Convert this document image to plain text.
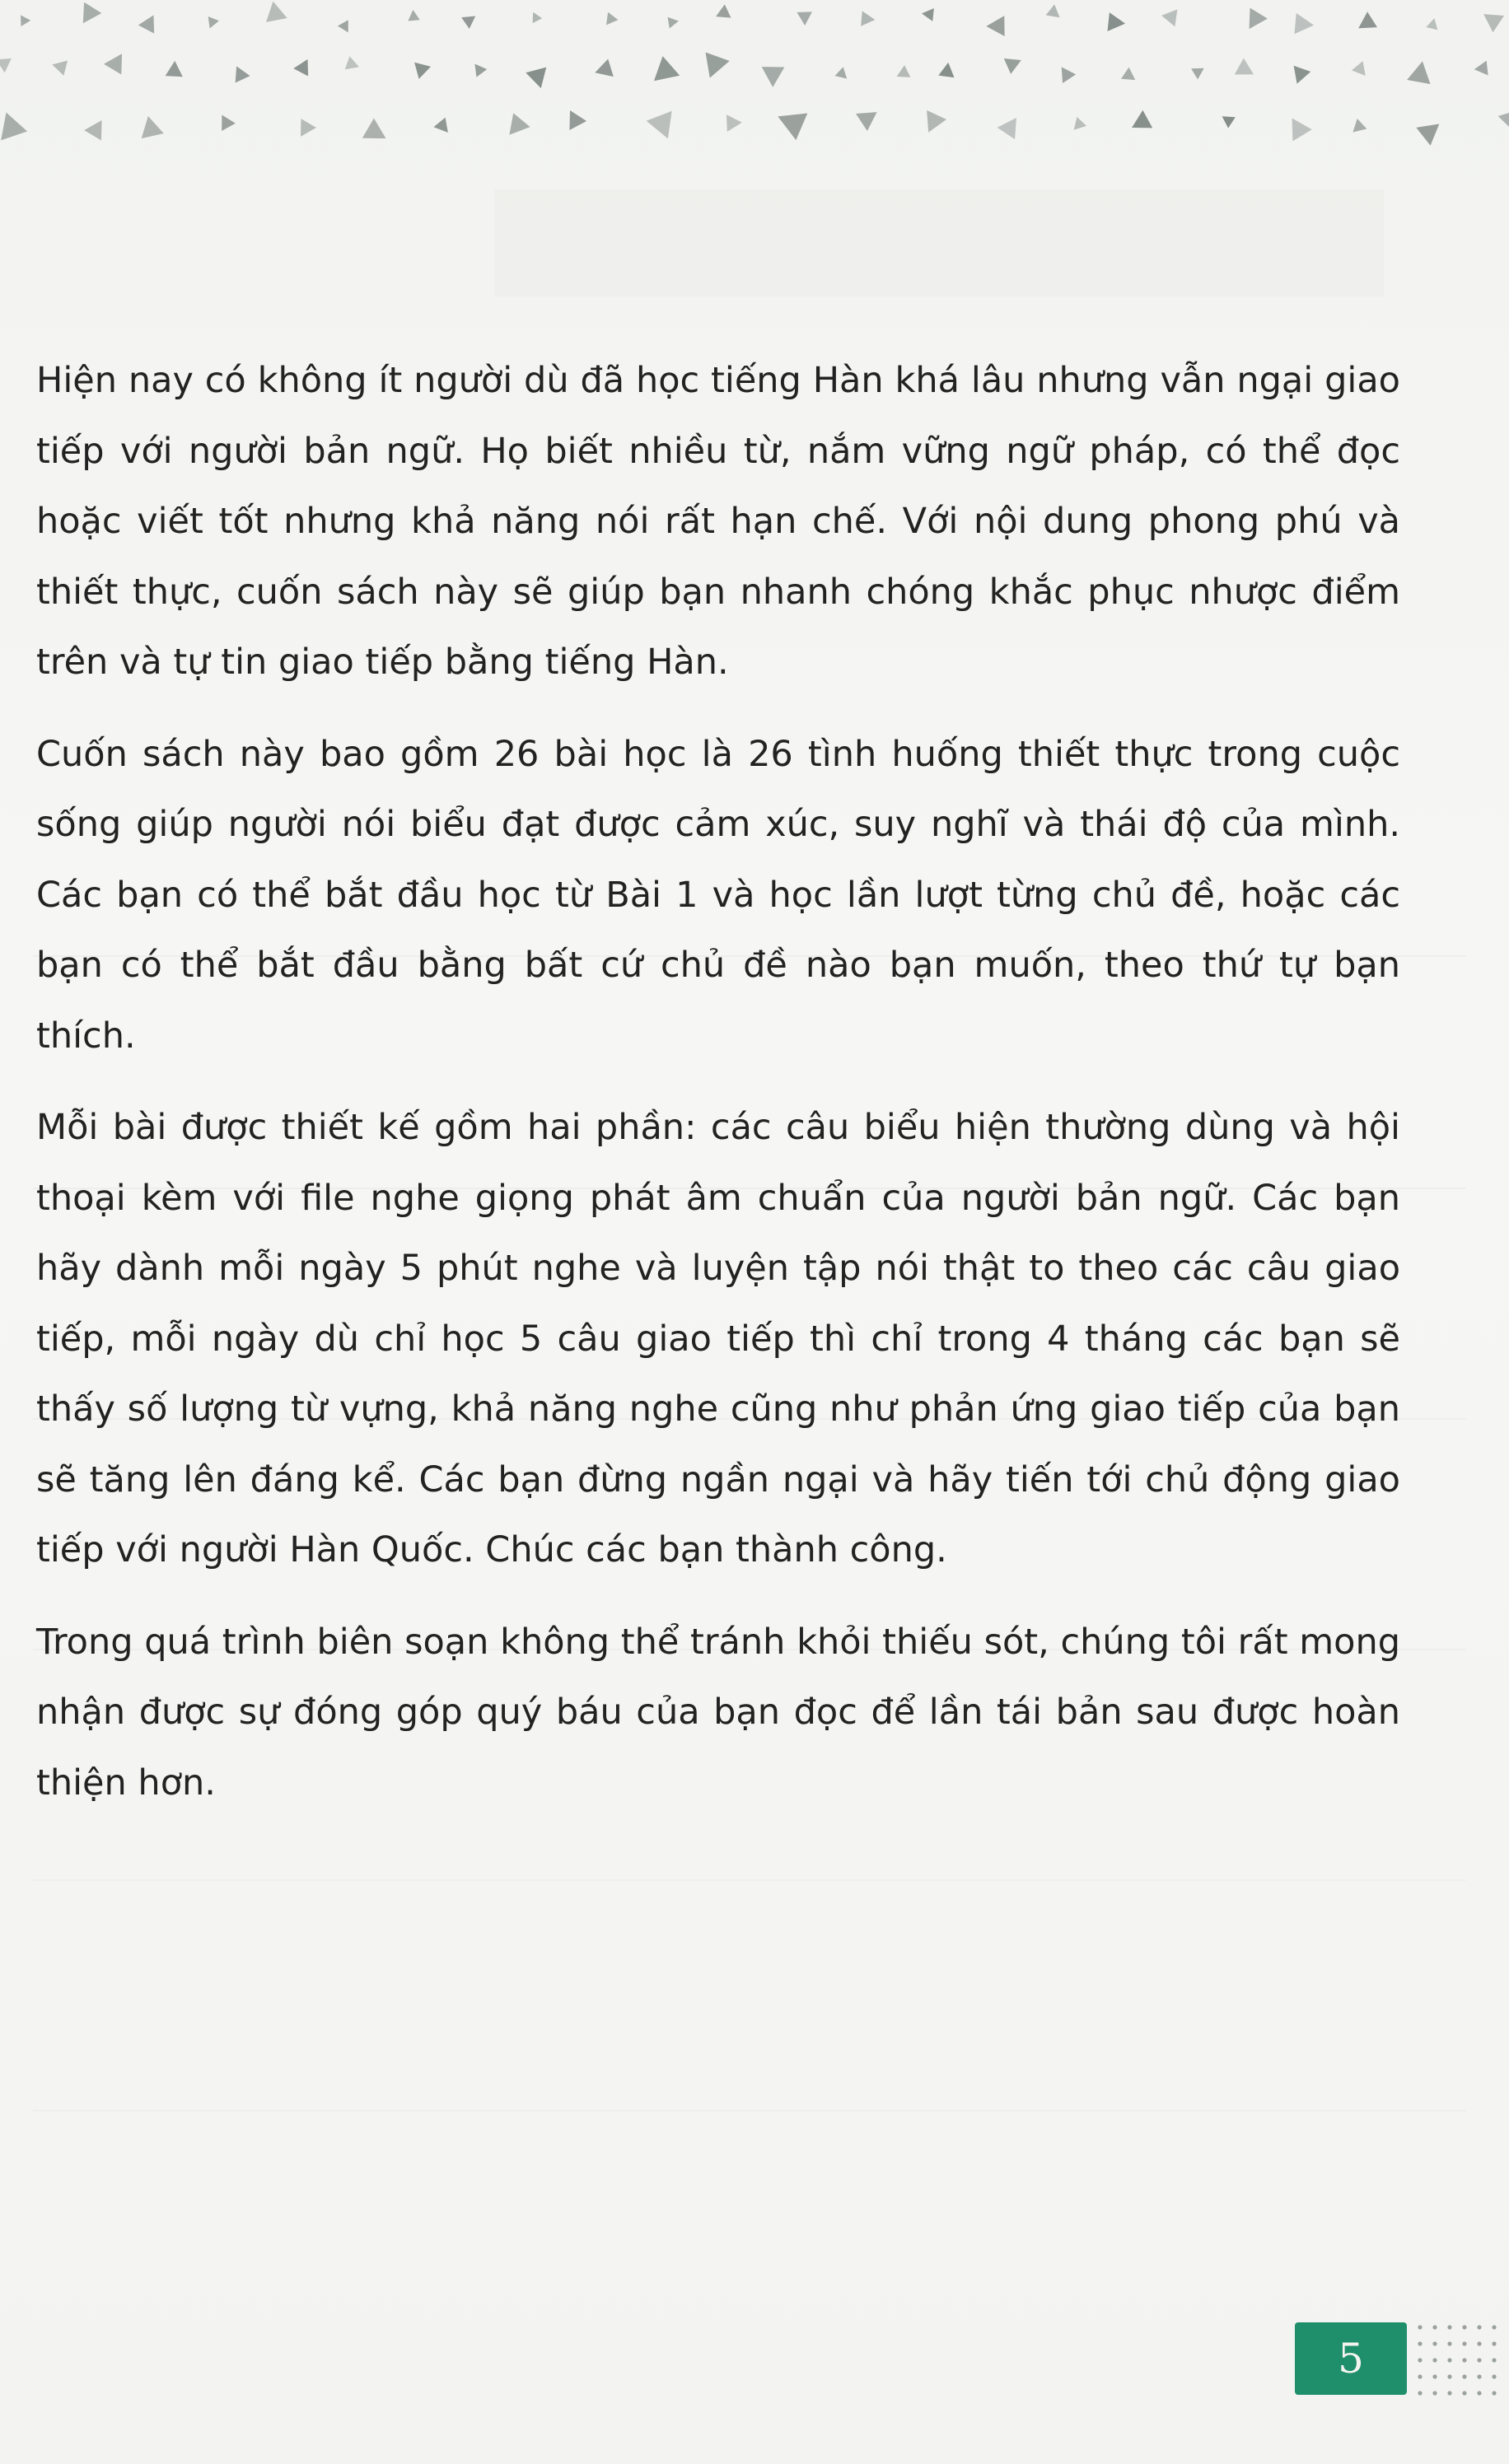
Hiện nay có không ít người dù đã học tiếng Hàn khá lâu nhưng vẫn ngại giao tiếp với người bản ngữ. Họ biết nhiều từ, nắm vững ngữ pháp, có thể đọc hoặc viết tốt nhưng khả năng nói rất hạn chế. Với nội dung phong phú và thiết thực, cuốn sách này sẽ giúp bạn nhanh chóng khắc phục nhược điểm trên và tự tin giao tiếp bằng tiếng Hàn.

Cuốn sách này bao gồm 26 bài học là 26 tình huống thiết thực trong cuộc sống giúp người nói biểu đạt được cảm xúc, suy nghĩ và thái độ của mình. Các bạn có thể bắt đầu học từ Bài 1 và học lần lượt từng chủ đề, hoặc các bạn có thể bắt đầu bằng bất cứ chủ đề nào bạn muốn, theo thứ tự bạn thích.

Mỗi bài được thiết kế gồm hai phần: các câu biểu hiện thường dùng và hội thoại kèm với file nghe giọng phát âm chuẩn của người bản ngữ. Các bạn hãy dành mỗi ngày 5 phút nghe và luyện tập nói thật to theo các câu giao tiếp, mỗi ngày dù chỉ học 5 câu giao tiếp thì chỉ trong 4 tháng các bạn sẽ thấy số lượng từ vựng, khả năng nghe cũng như phản ứng giao tiếp của bạn sẽ tăng lên đáng kể. Các bạn đừng ngần ngại và hãy tiến tới chủ động giao tiếp với người Hàn Quốc. Chúc các bạn thành công.

Trong quá trình biên soạn không thể tránh khỏi thiếu sót, chúng tôi rất mong nhận được sự đóng góp quý báu của bạn đọc để lần tái bản sau được hoàn thiện hơn.

5
